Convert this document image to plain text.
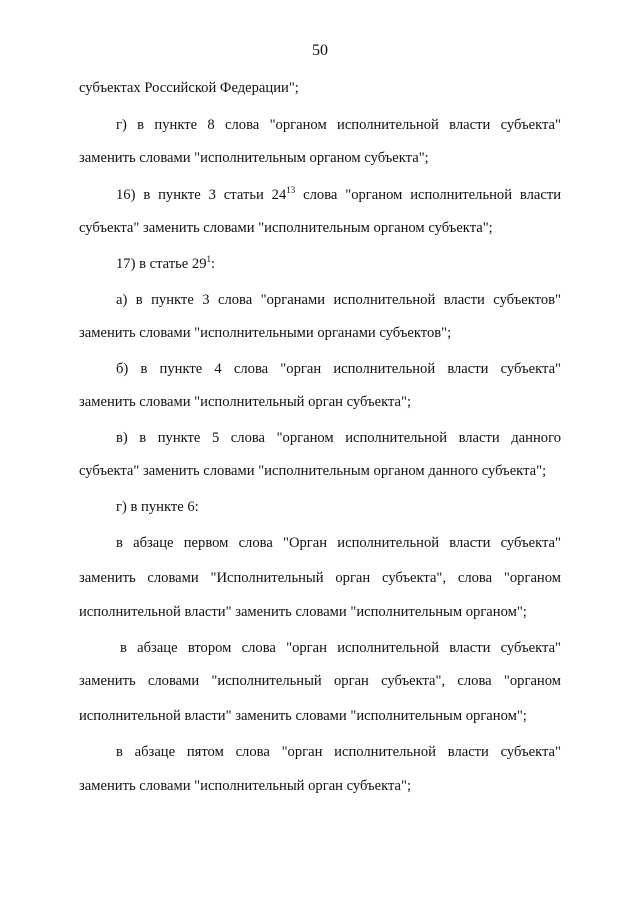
50
субъектах Российской Федерации";
г) в пункте 8 слова "органом исполнительной власти субъекта"
заменить словами "исполнительным органом субъекта";
16) в пункте 3 статьи $24^{13}$ слова "органом исполнительной власти
субъекта" заменить словами "исполнительным органом субъекта";
17) в статье $29^1$:
а) в пункте 3 слова "органами исполнительной власти субъектов"
заменить словами "исполнительными органами субъектов";
б) в пункте 4 слова "орган исполнительной власти субъекта"
заменить словами "исполнительный орган субъекта";
в) в пункте 5 слова "органом исполнительной власти данного
субъекта" заменить словами "исполнительным органом данного субъекта";
г) в пункте 6:
в абзаце первом слова "Орган исполнительной власти субъекта"
заменить словами "Исполнительный орган субъекта", слова "органом
исполнительной власти" заменить словами "исполнительным органом";
в абзаце втором слова "орган исполнительной власти субъекта"
заменить словами "исполнительный орган субъекта", слова "органом
исполнительной власти" заменить словами "исполнительным органом";
в абзаце пятом слова "орган исполнительной власти субъекта"
заменить словами "исполнительный орган субъекта";
